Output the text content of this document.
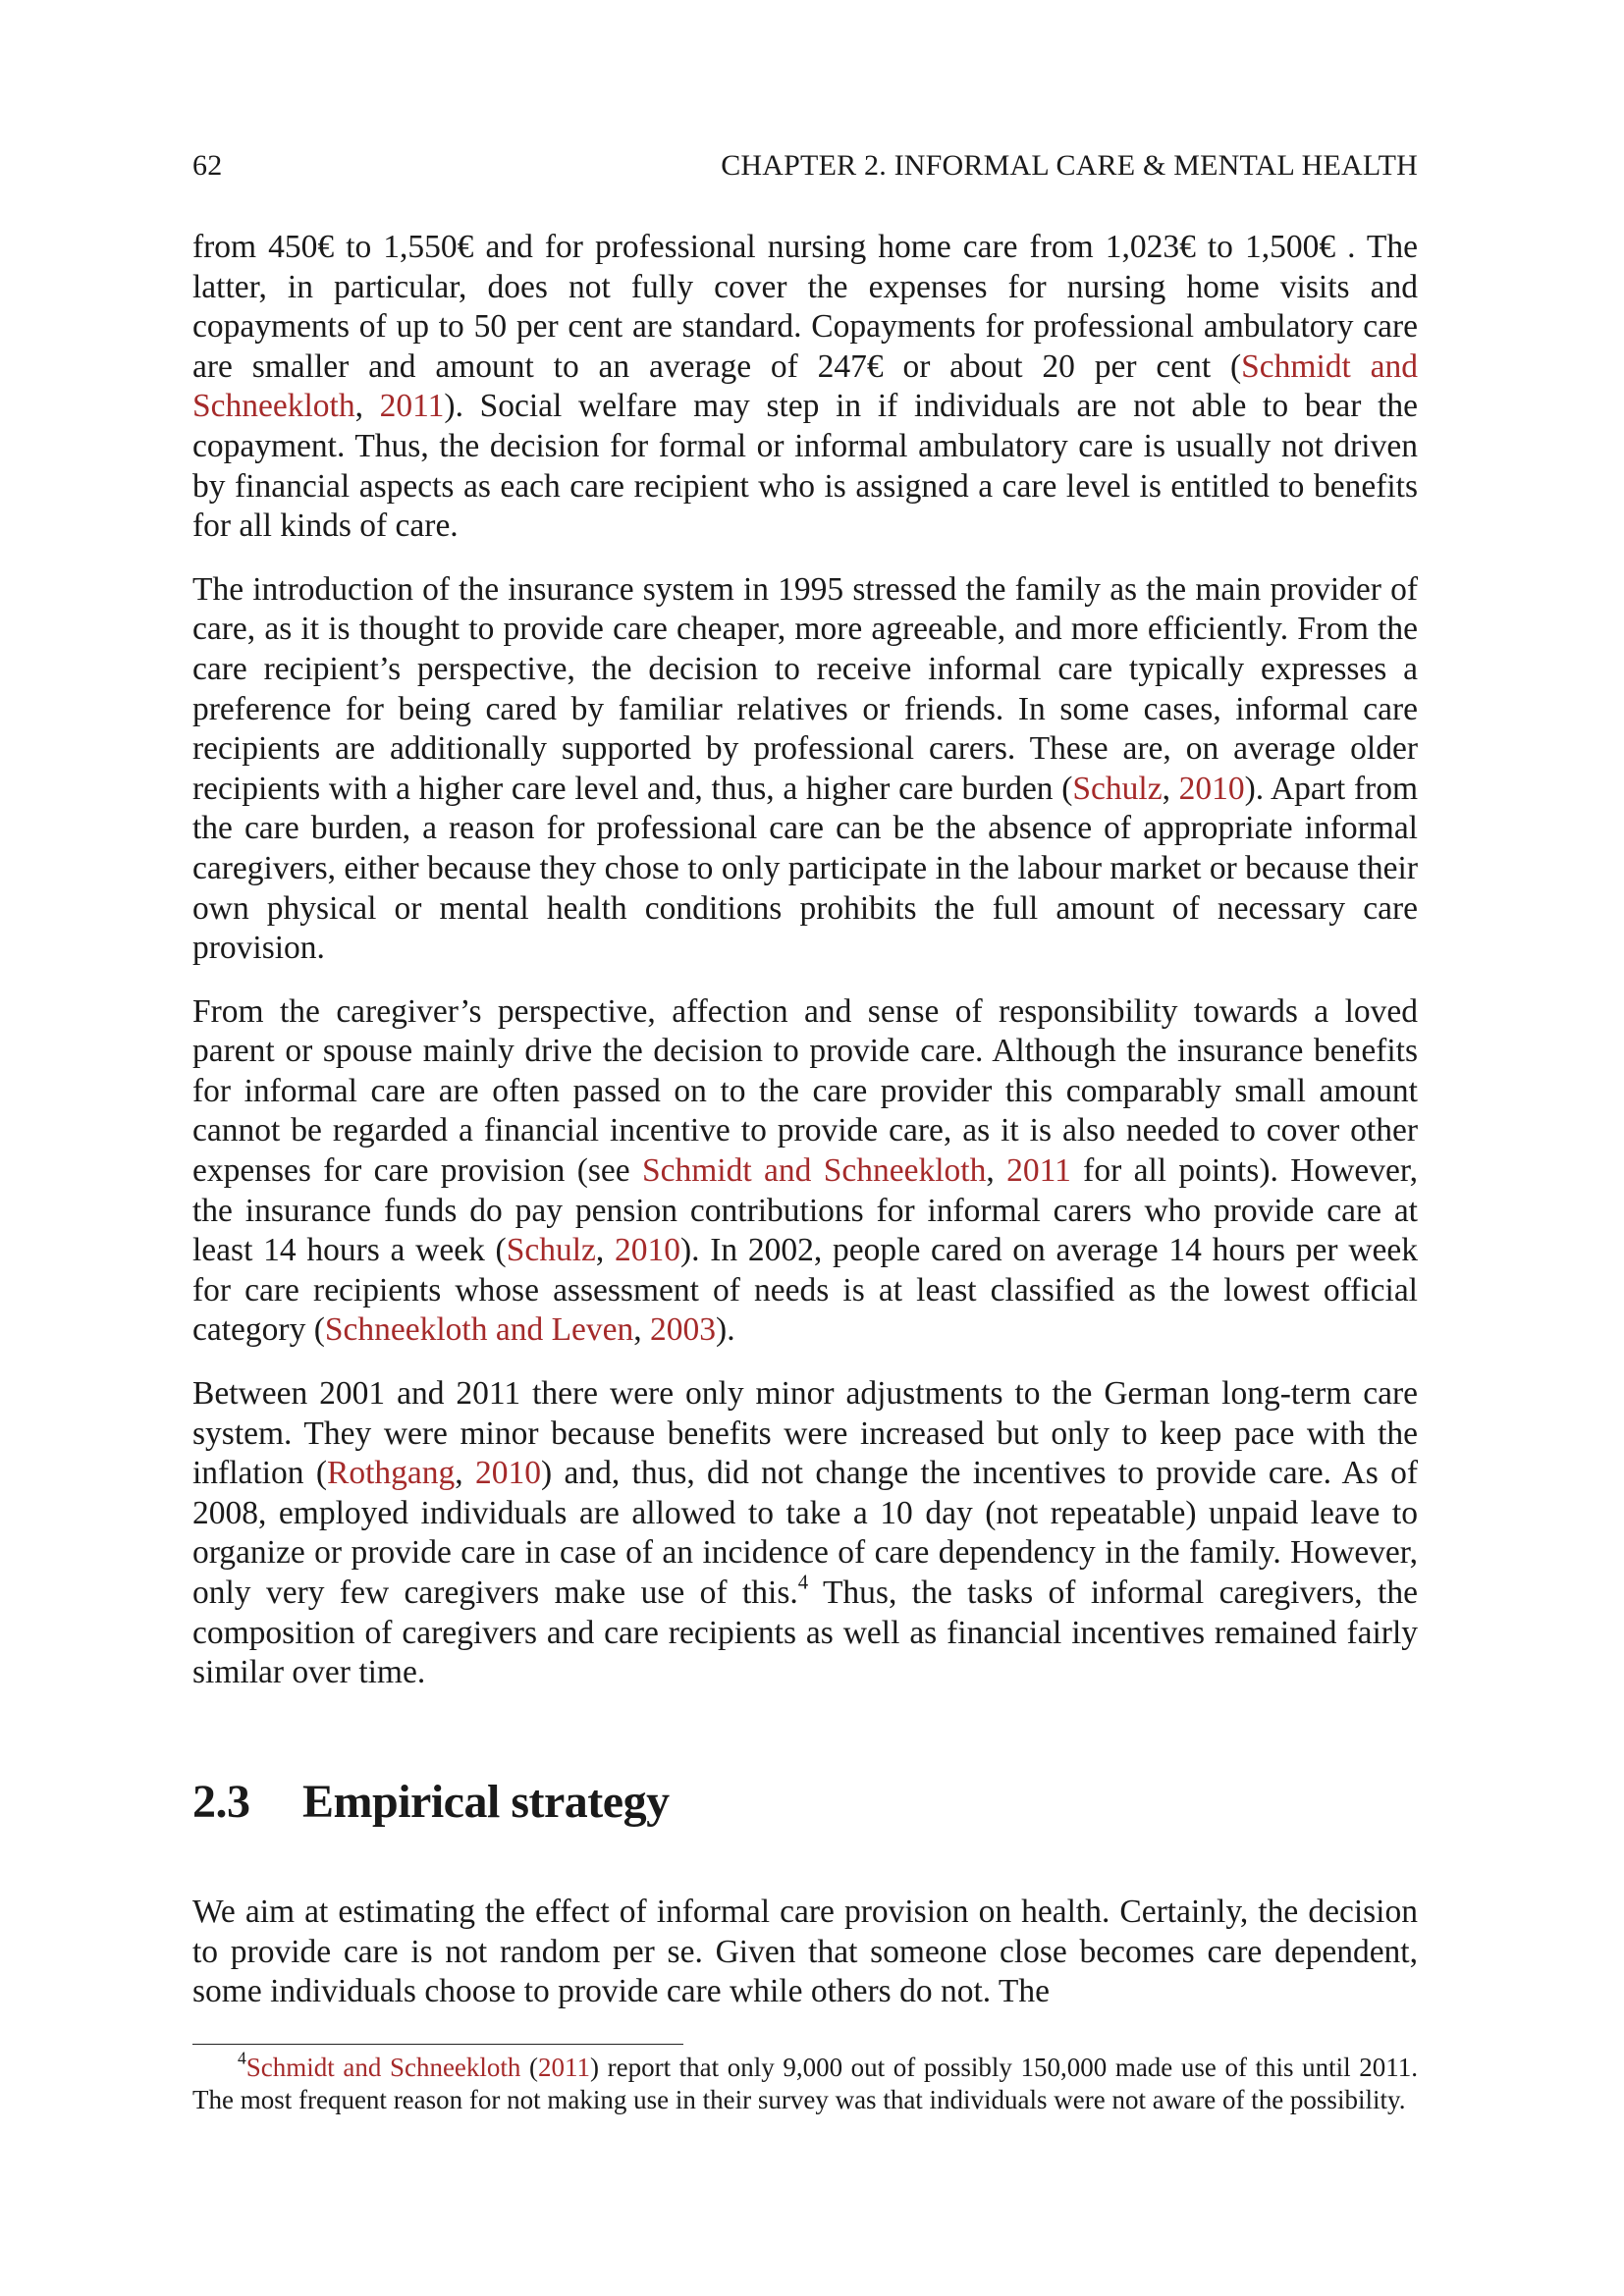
62	CHAPTER 2. INFORMAL CARE & MENTAL HEALTH

from 450€ to 1,550€ and for professional nursing home care from 1,023€ to 1,500€ . The latter, in particular, does not fully cover the expenses for nursing home visits and copayments of up to 50 per cent are standard. Copayments for professional ambulatory care are smaller and amount to an average of 247€ or about 20 per cent (Schmidt and Schneekloth, 2011). Social welfare may step in if individuals are not able to bear the copayment. Thus, the decision for formal or informal ambulatory care is usually not driven by financial aspects as each care recipient who is assigned a care level is entitled to benefits for all kinds of care.

The introduction of the insurance system in 1995 stressed the family as the main provider of care, as it is thought to provide care cheaper, more agreeable, and more efficiently. From the care recipient’s perspective, the decision to receive informal care typically expresses a preference for being cared by familiar relatives or friends. In some cases, informal care recipients are additionally supported by professional carers. These are, on average older recipients with a higher care level and, thus, a higher care burden (Schulz, 2010). Apart from the care burden, a reason for professional care can be the absence of appropriate informal caregivers, either because they chose to only participate in the labour market or because their own physical or mental health conditions prohibits the full amount of necessary care provision.

From the caregiver’s perspective, affection and sense of responsibility towards a loved parent or spouse mainly drive the decision to provide care. Although the insurance benefits for informal care are often passed on to the care provider this comparably small amount cannot be regarded a financial incentive to provide care, as it is also needed to cover other expenses for care provision (see Schmidt and Schneekloth, 2011 for all points). However, the insurance funds do pay pension contributions for informal carers who provide care at least 14 hours a week (Schulz, 2010). In 2002, people cared on average 14 hours per week for care recipients whose assessment of needs is at least classified as the lowest official category (Schneekloth and Leven, 2003).

Between 2001 and 2011 there were only minor adjustments to the German long-term care system. They were minor because benefits were increased but only to keep pace with the inflation (Rothgang, 2010) and, thus, did not change the incentives to provide care. As of 2008, employed individuals are allowed to take a 10 day (not repeatable) unpaid leave to organize or provide care in case of an incidence of care dependency in the family. However, only very few caregivers make use of this.$^4$ Thus, the tasks of informal caregivers, the composition of caregivers and care recipients as well as financial incentives remained fairly similar over time.

2.3 Empirical strategy

We aim at estimating the effect of informal care provision on health. Certainly, the decision to provide care is not random per se. Given that someone close becomes care dependent, some individuals choose to provide care while others do not. The

$^4$Schmidt and Schneekloth (2011) report that only 9,000 out of possibly 150,000 made use of this until 2011. The most frequent reason for not making use in their survey was that individuals were not aware of the possibility.
